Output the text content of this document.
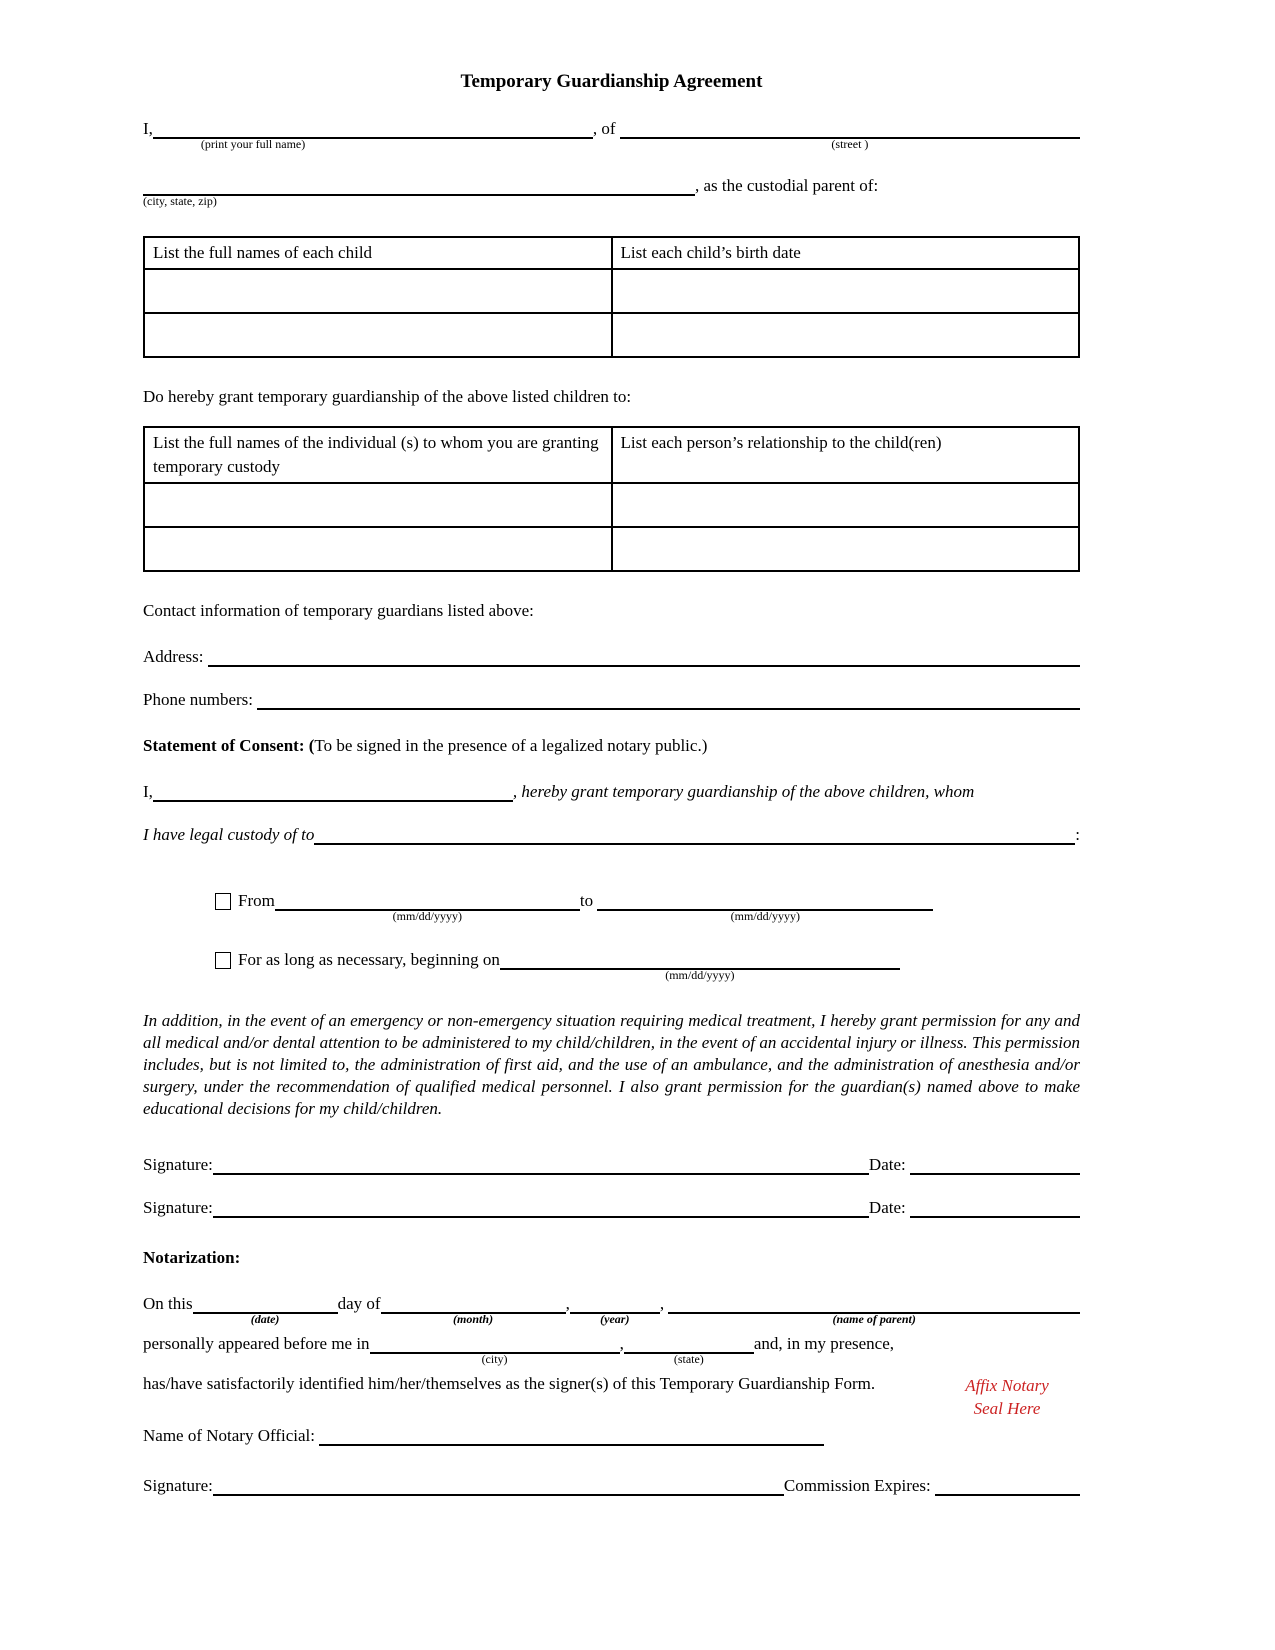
Temporary Guardianship Agreement
I,
(print your full name)
, of
(street )
(city, state, zip)
, as the custodial parent of:
List the full names of each child	List each child’s birth date

Do hereby grant temporary guardianship of the above listed children to:
List the full names of the individual (s) to whom you are granting temporary custody	List each person’s relationship to the child(ren)

Contact information of temporary guardians listed above:
Address:
Phone numbers:
Statement of Consent: (To be signed in the presence of a legalized notary public.)
I,	, hereby grant temporary guardianship of the above children, whom
I have legal custody of to	:
From
(mm/dd/yyyy)
to
(mm/dd/yyyy)
For as long as necessary, beginning on
(mm/dd/yyyy)
In addition, in the event of an emergency or non-emergency situation requiring medical treatment, I hereby grant permission for any and all medical and/or dental attention to be administered to my child/children, in the event of an accidental injury or illness. This permission includes, but is not limited to, the administration of first aid, and the use of an ambulance, and the administration of anesthesia and/or surgery, under the recommendation of qualified medical personnel. I also grant permission for the guardian(s) named above to make educational decisions for my child/children.
Signature:	Date:
Signature:	Date:
Notarization:
On this
(date)
day of
(month)
,
(year)
,
(name of parent)
personally appeared before me in
(city)
,
(state)
and, in my presence,
has/have satisfactorily identified him/her/themselves as the signer(s) of this Temporary Guardianship Form.
Name of Notary Official:
Signature:	Commission Expires:
Affix Notary
Seal Here
